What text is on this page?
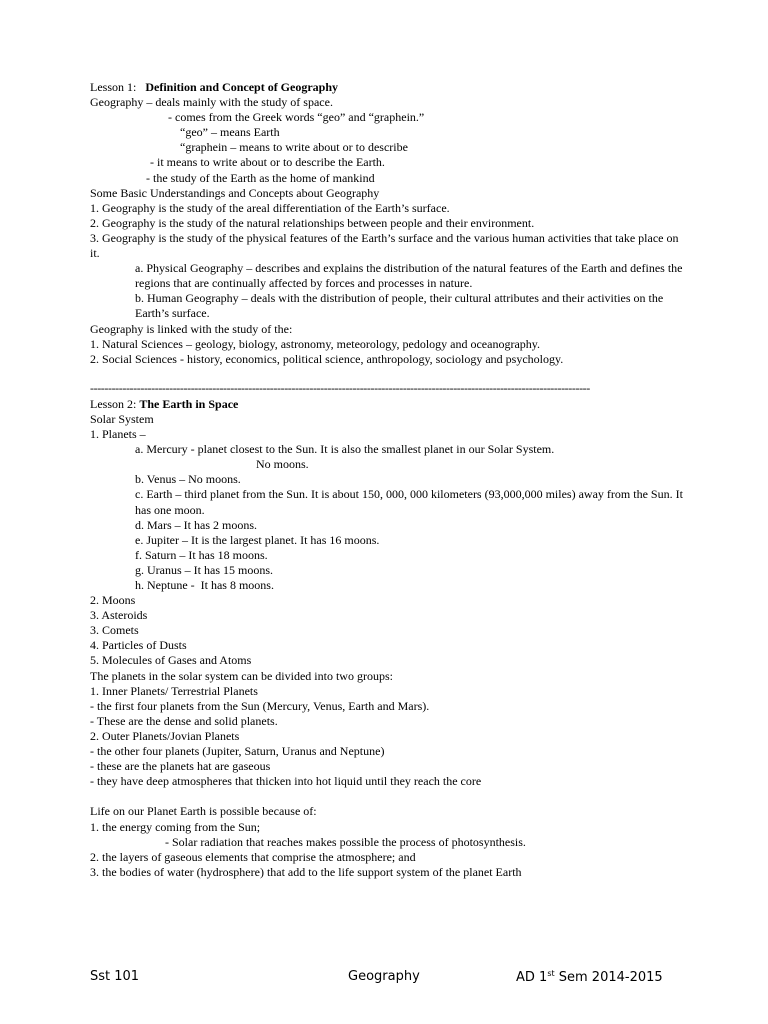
Lesson 1:   Definition and Concept of Geography
Geography – deals mainly with the study of space.
- comes from the Greek words “geo” and “graphein.”
“geo” – means Earth
“graphein – means to write about or to describe
- it means to write about or to describe the Earth.
- the study of the Earth as the home of mankind
Some Basic Understandings and Concepts about Geography
1. Geography is the study of the areal differentiation of the Earth’s surface.
2. Geography is the study of the natural relationships between people and their environment.
3. Geography is the study of the physical features of the Earth’s surface and the various human activities that take place on it.
a. Physical Geography – describes and explains the distribution of the natural features of the Earth and defines the regions that are continually affected by forces and processes in nature.
b. Human Geography – deals with the distribution of people, their cultural attributes and their activities on the Earth’s surface.
Geography is linked with the study of the:
1. Natural Sciences – geology, biology, astronomy, meteorology, pedology and oceanography.
2. Social Sciences - history, economics, political science, anthropology, sociology and psychology.
-------------------------------------------------------------------------------------------------------------------------------------------
Lesson 2: The Earth in Space
Solar System
1. Planets –
a. Mercury - planet closest to the Sun. It is also the smallest planet in our Solar System.
No moons.
b. Venus – No moons.
c. Earth – third planet from the Sun. It is about 150, 000, 000 kilometers (93,000,000 miles) away from the Sun. It has one moon.
d. Mars – It has 2 moons.
e. Jupiter – It is the largest planet. It has 16 moons.
f. Saturn – It has 18 moons.
g. Uranus – It has 15 moons.
h. Neptune -  It has 8 moons.
2. Moons
3. Asteroids
3. Comets
4. Particles of Dusts
5. Molecules of Gases and Atoms
The planets in the solar system can be divided into two groups:
1. Inner Planets/ Terrestrial Planets
- the first four planets from the Sun (Mercury, Venus, Earth and Mars).
- These are the dense and solid planets.
2. Outer Planets/Jovian Planets
- the other four planets (Jupiter, Saturn, Uranus and Neptune)
- these are the planets hat are gaseous
- they have deep atmospheres that thicken into hot liquid until they reach the core
Life on our Planet Earth is possible because of:
1. the energy coming from the Sun;
- Solar radiation that reaches makes possible the process of photosynthesis.
2. the layers of gaseous elements that comprise the atmosphere; and
3. the bodies of water (hydrosphere) that add to the life support system of the planet Earth
Sst 101	Geography	AD 1st Sem 2014-2015
